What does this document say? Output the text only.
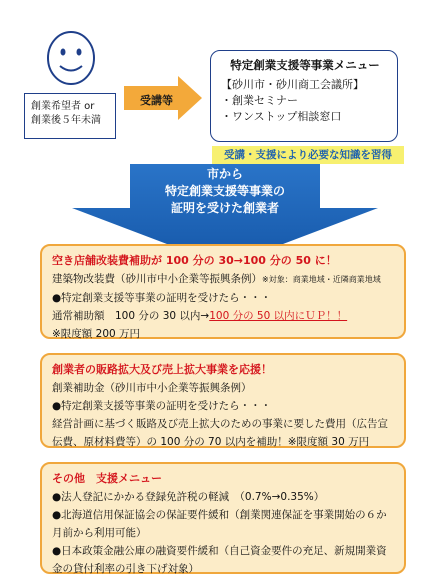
創業希望者 or
創業後５年未満
受講等
特定創業支援等事業メニュー
【砂川市・砂川商工会議所】
・創業セミナー
・ワンストップ相談窓口
受講・支援により必要な知識を習得
市から
特定創業支援等事業の
証明を受けた創業者
空き店舗改装費補助が 100 分の 30→100 分の 50 に！
建築物改装費（砂川市中小企業等振興条例）※対象：商業地域・近隣商業地域
●特定創業支援等事業の証明を受けたら・・・
通常補助額　100 分の 30 以内→100 分の 50 以内にＵＰ！！
※限度額 200 万円
創業者の販路拡大及び売上拡大事業を応援！
創業補助金（砂川市中小企業等振興条例）
●特定創業支援等事業の証明を受けたら・・・
経営計画に基づく販路及び売上拡大のための事業に要した費用（広告宣
伝費、原材料費等）の 100 分の 70 以内を補助！※限度額 30 万円
その他　支援メニュー
●法人登記にかかる登録免許税の軽減　（0.7%→0.35%）
●北海道信用保証協会の保証要件緩和（創業関連保証を事業開始の６か
月前から利用可能）
●日本政策金融公庫の融資要件緩和（自己資金要件の充足、新規開業資
金の貸付利率の引き下げ対象）
